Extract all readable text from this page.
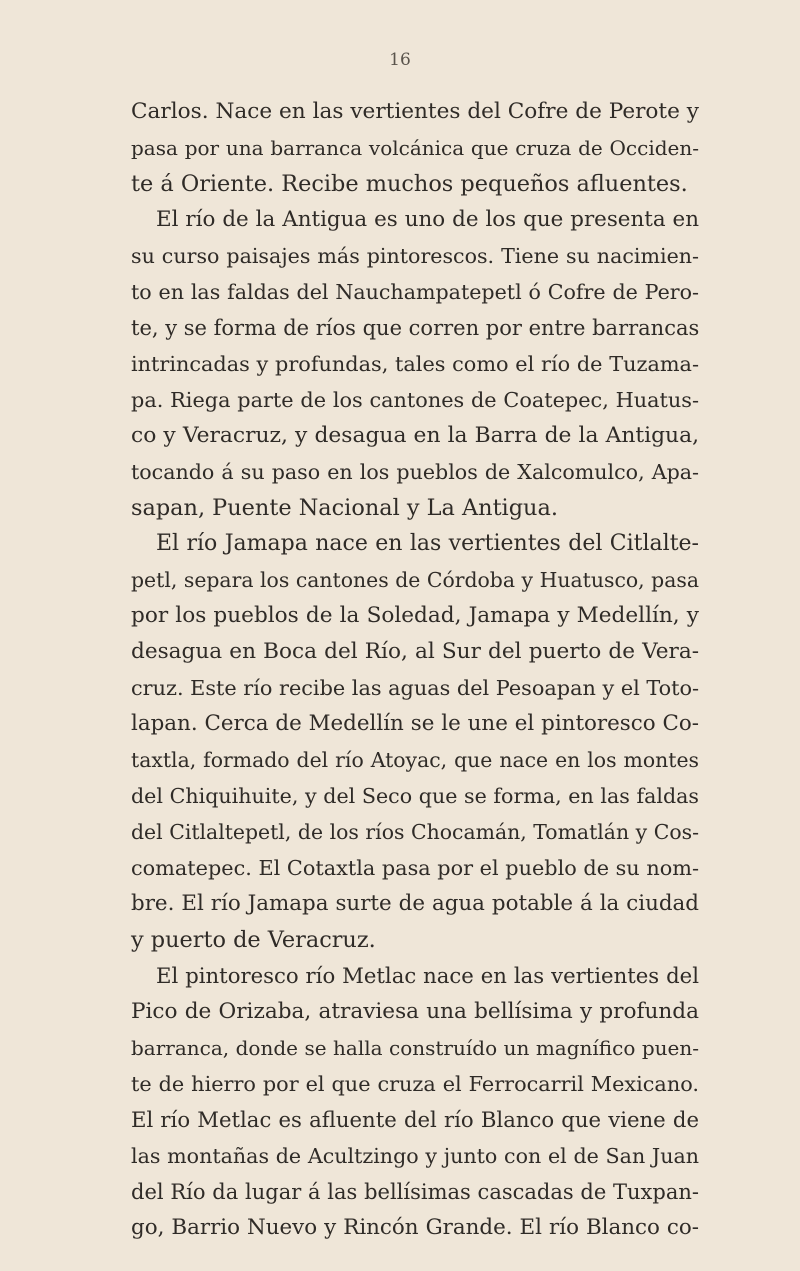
16
Carlos. Nace en las vertientes del Cofre de Perote y
pasa por una barranca volcánica que cruza de Occiden-
te á Oriente. Recibe muchos pequeños afluentes.
El río de la Antigua es uno de los que presenta en
su curso paisajes más pintorescos. Tiene su nacimien-
to en las faldas del Nauchampatepetl ó Cofre de Pero-
te, y se forma de ríos que corren por entre barrancas
intrincadas y profundas, tales como el río de Tuzama-
pa. Riega parte de los cantones de Coatepec, Huatus-
co y Veracruz, y desagua en la Barra de la Antigua,
tocando á su paso en los pueblos de Xalcomulco, Apa-
sapan, Puente Nacional y La Antigua.
El río Jamapa nace en las vertientes del Citlalte-
petl, separa los cantones de Córdoba y Huatusco, pasa
por los pueblos de la Soledad, Jamapa y Medellín, y
desagua en Boca del Río, al Sur del puerto de Vera-
cruz. Este río recibe las aguas del Pesoapan y el Toto-
lapan. Cerca de Medellín se le une el pintoresco Co-
taxtla, formado del río Atoyac, que nace en los montes
del Chiquihuite, y del Seco que se forma, en las faldas
del Citlaltepetl, de los ríos Chocamán, Tomatlán y Cos-
comatepec. El Cotaxtla pasa por el pueblo de su nom-
bre. El río Jamapa surte de agua potable á la ciudad
y puerto de Veracruz.
El pintoresco río Metlac nace en las vertientes del
Pico de Orizaba, atraviesa una bellísima y profunda
barranca, donde se halla construído un magnífico puen-
te de hierro por el que cruza el Ferrocarril Mexicano.
El río Metlac es afluente del río Blanco que viene de
las montañas de Acultzingo y junto con el de San Juan
del Río da lugar á las bellísimas cascadas de Tuxpan-
go, Barrio Nuevo y Rincón Grande. El río Blanco co-
